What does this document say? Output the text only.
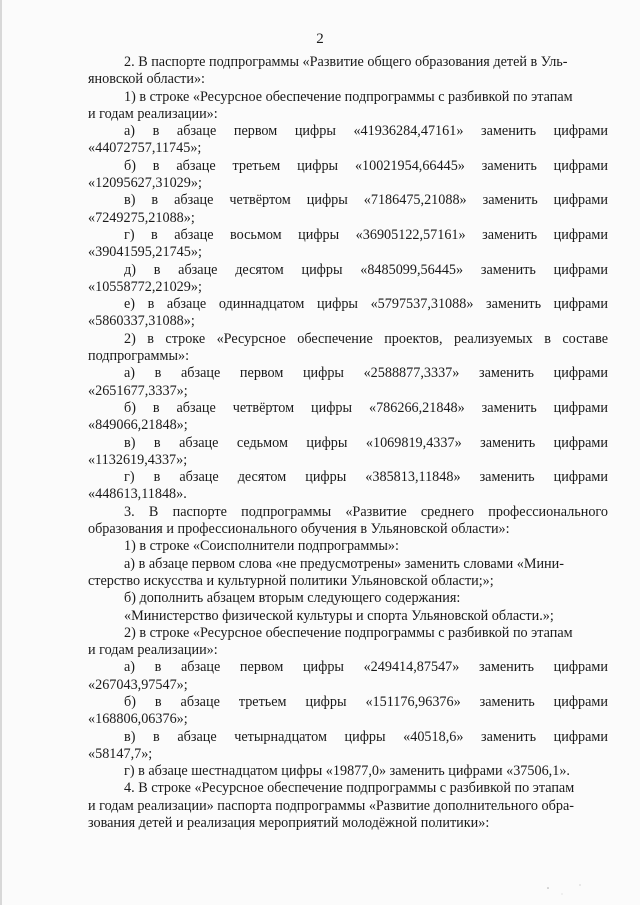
2

2. В паспорте подпрограммы «Развитие общего образования детей в Уль-

яновской области»:

1) в строке «Ресурсное обеспечение подпрограммы с разбивкой по этапам

и годам реализации»:

а) в абзаце первом цифры «41936284,47161» заменить цифрами

«44072757,11745»;

б) в абзаце третьем цифры «10021954,66445» заменить цифрами

«12095627,31029»;

в) в абзаце четвёртом цифры «7186475,21088» заменить цифрами

«7249275,21088»;

г) в абзаце восьмом цифры «36905122,57161» заменить цифрами

«39041595,21745»;

д) в абзаце десятом цифры «8485099,56445» заменить цифрами

«10558772,21029»;

е) в абзаце одиннадцатом цифры «5797537,31088» заменить цифрами

«5860337,31088»;

2) в строке «Ресурсное обеспечение проектов, реализуемых в составе

подпрограммы»:

а) в абзаце первом цифры «2588877,3337» заменить цифрами

«2651677,3337»;

б) в абзаце четвёртом цифры «786266,21848» заменить цифрами

«849066,21848»;

в) в абзаце седьмом цифры «1069819,4337» заменить цифрами

«1132619,4337»;

г) в абзаце десятом цифры «385813,11848» заменить цифрами

«448613,11848».

3. В паспорте подпрограммы «Развитие среднего профессионального

образования и профессионального обучения в Ульяновской области»:

1) в строке «Соисполнители подпрограммы»:

а) в абзаце первом слова «не предусмотрены» заменить словами «Мини-

стерство искусства и культурной политики Ульяновской области;»;

б) дополнить абзацем вторым следующего содержания:

«Министерство физической культуры и спорта Ульяновской области.»;

2) в строке «Ресурсное обеспечение подпрограммы с разбивкой по этапам

и годам реализации»:

а) в абзаце первом цифры «249414,87547» заменить цифрами

«267043,97547»;

б) в абзаце третьем цифры «151176,96376» заменить цифрами

«168806,06376»;

в) в абзаце четырнадцатом цифры «40518,6» заменить цифрами

«58147,7»;

г) в абзаце шестнадцатом цифры «19877,0» заменить цифрами «37506,1».

4. В строке «Ресурсное обеспечение подпрограммы с разбивкой по этапам

и годам реализации» паспорта подпрограммы «Развитие дополнительного обра-

зования детей и реализация мероприятий молодёжной политики»:
